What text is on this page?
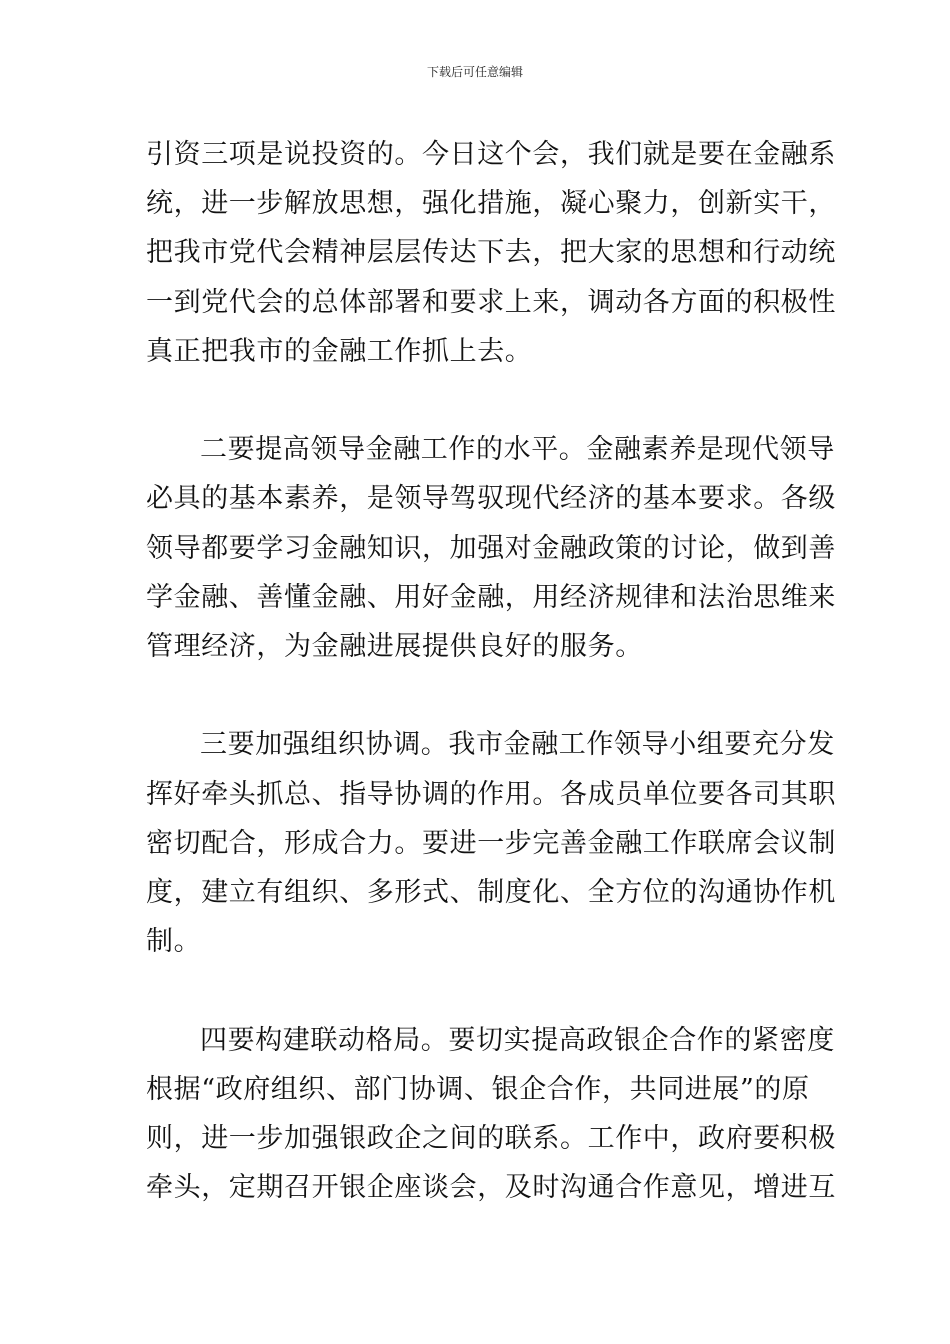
下载后可任意编辑

引资三项是说投资的。今日这个会，我们就是要在金融系
统，进一步解放思想，强化措施，凝心聚力，创新实干，
把我市党代会精神层层传达下去，把大家的思想和行动统
一到党代会的总体部署和要求上来，调动各方面的积极性
真正把我市的金融工作抓上去。

二要提高领导金融工作的水平。金融素养是现代领导
必具的基本素养，是领导驾驭现代经济的基本要求。各级
领导都要学习金融知识，加强对金融政策的讨论，做到善
学金融、善懂金融、用好金融，用经济规律和法治思维来
管理经济，为金融进展提供良好的服务。

三要加强组织协调。我市金融工作领导小组要充分发
挥好牵头抓总、指导协调的作用。各成员单位要各司其职
密切配合，形成合力。要进一步完善金融工作联席会议制
度，建立有组织、多形式、制度化、全方位的沟通协作机
制。

四要构建联动格局。要切实提高政银企合作的紧密度
根据“政府组织、部门协调、银企合作，共同进展”的原
则，进一步加强银政企之间的联系。工作中，政府要积极
牵头，定期召开银企座谈会，及时沟通合作意见，增进互
